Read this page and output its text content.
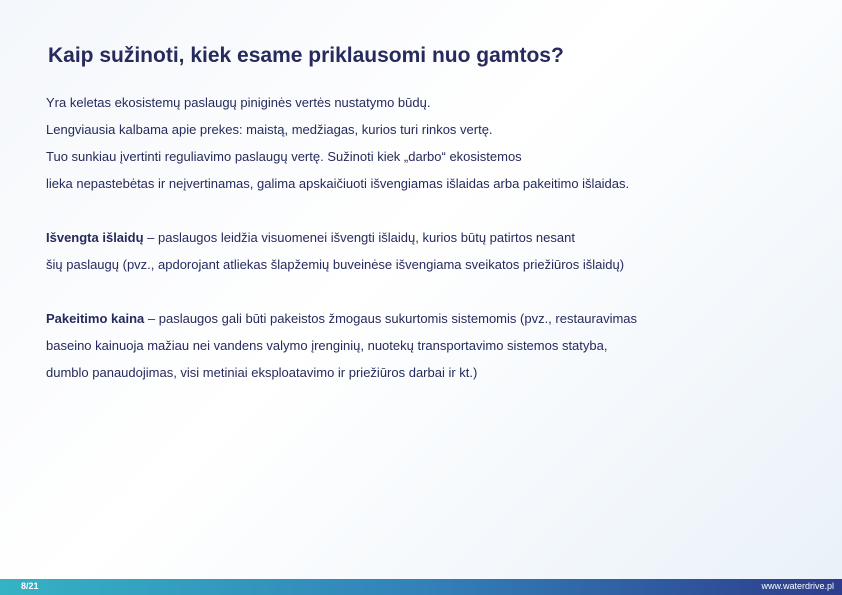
Kaip sužinoti, kiek esame priklausomi nuo gamtos?
Yra keletas ekosistemų paslaugų piniginės vertės nustatymo būdų.
Lengviausia kalbama apie prekes: maistą, medžiagas, kurios turi rinkos vertę.
Tuo sunkiau įvertinti reguliavimo paslaugų vertę. Sužinoti kiek „darbo“ ekosistemos
lieka nepastebėtas ir neįvertinamas, galima apskaičiuoti išvengiamas išlaidas arba pakeitimo išlaidas.
Išvengta išlaidų – paslaugos leidžia visuomenei išvengti išlaidų, kurios būtų patirtos nesant
šių paslaugų (pvz., apdorojant atliekas šlapžemių buveinėse išvengiama sveikatos priežiūros išlaidų)
Pakeitimo kaina – paslaugos gali būti pakeistos žmogaus sukurtomis sistemomis (pvz., restauravimas
baseino kainuoja mažiau nei vandens valymo įrenginių, nuotekų transportavimo sistemos statyba,
dumblo panaudojimas, visi metiniai eksploatavimo ir priežiūros darbai ir kt.)
8/21	www.waterdrive.pl
